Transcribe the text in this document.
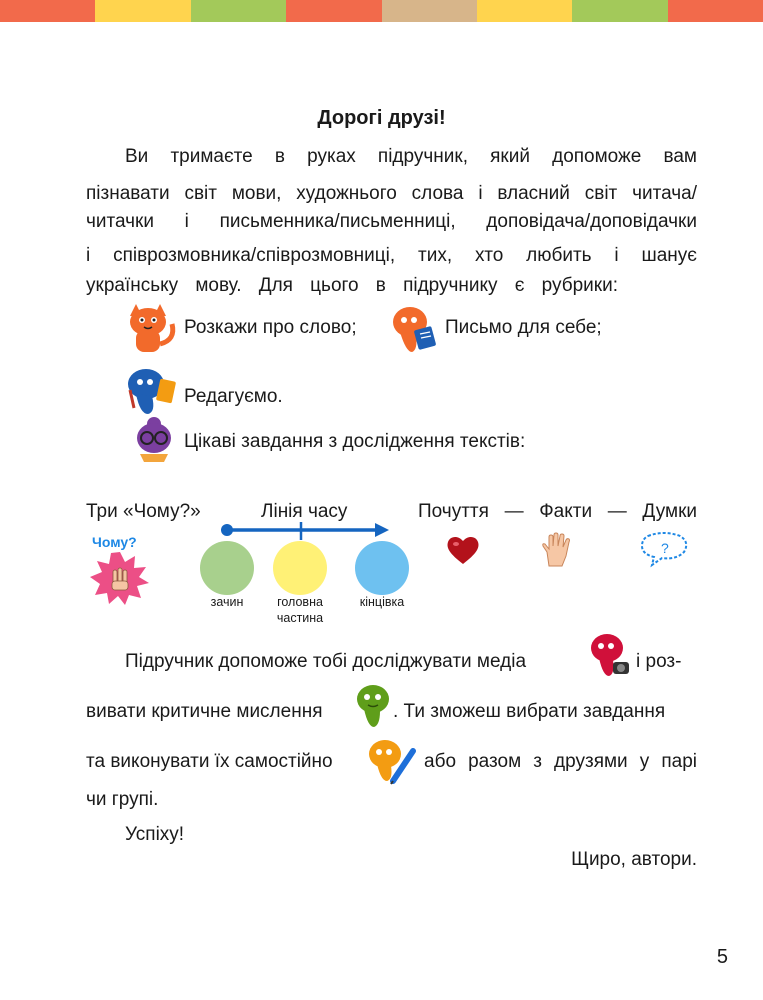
Дорогі друзі!
Ви тримаєте в руках підручник, який допоможе вам
пізнавати світ мови, художнього слова і власний світ читача/
читачки і письменника/письменниці, доповідача/доповідачки
і співрозмовника/співрозмовниці, тих, хто любить і шанує
українську мову. Для цього в підручнику є рубрики:
Розкажи про слово;	Письмо для себе;
Редагуємо.
Цікаві завдання з дослідження текстів:
Три «Чому?»	Лінія часу	Почуття — Факти — Думки
Чому?
зачин	головна
частина
кінцівка
?
Підручник допоможе тобі досліджувати медіа	і роз-
вивати критичне мислення	. Ти зможеш вибрати завдання
та виконувати їх самостійно	або разом з друзями у парі
чи групі.
Успіху!
Щиро, автори.
5
